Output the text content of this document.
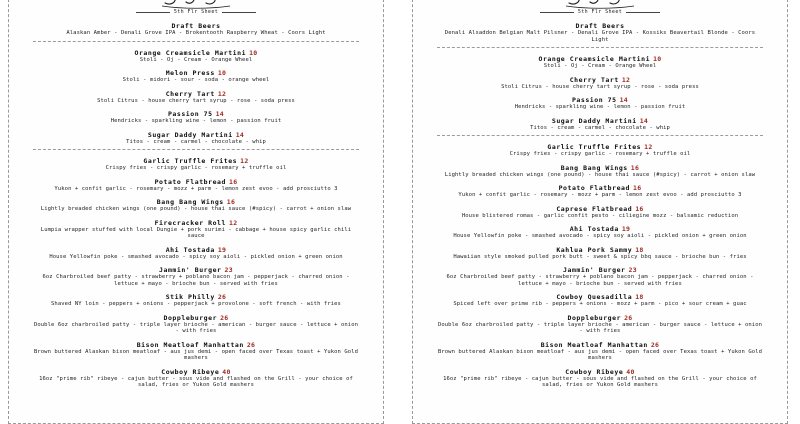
5th Flr Sheet
Draft Beers
Alaskan Amber - Denali Grove IPA - Brokentooth Raspberry Wheat - Coors Light
Orange Creamsicle Martini 10
Stoli - Oj - Cream - Orange Wheel
Melon Press 10
Stoli - midori - sour - soda - orange wheel
Cherry Tart 12
Stoli Citrus - house cherry tart syrup - rose - soda press
Passion 75 14
Hendricks - sparkling wine - lemon - passion fruit
Sugar Daddy Martini 14
Titos - cream - carmel - chocolate - whip
Garlic Truffle Frites 12
Crispy fries - crispy garlic - rosemary + truffle oil
Potato Flatbread 16
Yukon + confit garlic - rosemary - mozz + parm - lemon zest evoo - add prosciutto 3
Bang Bang Wings 16
Lightly breaded chicken wings (one pound) - house thai sauce (#spicy) - carrot + onion slaw
Firecracker Roll 12
Lumpia wrapper stuffed with local Dungie + pork surimi - cabbage + house spicy garlic chili sauce
Ahi Tostada 19
House Yellowfin poke - smashed avocado - spicy soy aioli - pickled onion + green onion
Jammin' Burger 23
6oz Charbroiled beef patty - strawberry + poblano bacon jam - pepperjack - charred onion - lettuce + mayo - brioche bun - served with fries
Stik Philly 26
Shaved NY loin - peppers + onions - pepperjack + provolone - soft french - with fries
Doppleburger 26
Double 6oz charbroiled patty - triple layer brioche - american - burger sauce - lettuce + onion - with fries
Bison Meatloaf Manhattan 26
Brown buttered Alaskan bison meatloaf - aus jus demi - open faced over Texas toast + Yukon Gold mashers
Cowboy Ribeye 40
16oz "prime rib" ribeye - cajun butter - sous vide and flashed on the Grill - your choice of salad, fries or Yukon Gold mashers
5th Flr Sheet
Draft Beers
Denali Alsaddon Belgian Malt Pilsner - Denali Grove IPA - Kossiks Beavertail Blonde - Coors Light
Orange Creamsicle Martini 10
Stoli - Oj - Cream - Orange Wheel
Cherry Tart 12
Stoli Citrus - house cherry tart syrup - rose - soda press
Passion 75 14
Hendricks - sparkling wine - lemon - passion fruit
Sugar Daddy Martini 14
Titos - cream - carmel - chocolate - whip
Garlic Truffle Frites 12
Crispy fries - crispy garlic - rosemary + truffle oil
Bang Bang Wings 16
Lightly breaded chicken wings (one pound) - house thai sauce (#spicy) - carrot + onion slaw
Potato Flatbread 16
Yukon + confit garlic - rosemary - mozz + parm - lemon zest evoo - add prosciutto 3
Caprese Flatbread 16
House blistered romas - garlic confit pesto - ciliegine mozz - balsamic reduction
Ahi Tostada 19
House Yellowfin poke - smashed avocado - spicy soy aioli - pickled onion + green onion
Kahlua Pork Sammy 18
Hawaiian style smoked pulled pork butt - sweet & spicy bbq sauce - brioche bun - fries
Jammin' Burger 23
6oz Charbroiled beef patty - strawberry + poblano bacon jam - pepperjack - charred onion - lettuce + mayo - brioche bun - served with fries
Cowboy Quesadilla 18
Spiced left over prime rib - peppers + onions - mozz + parm - pico + sour cream + guac
Doppleburger 26
Double 6oz charbroiled patty - triple layer brioche - american - burger sauce - lettuce + onion - with fries
Bison Meatloaf Manhattan 26
Brown buttered Alaskan bison meatloaf - aus jus demi - open faced over Texas toast + Yukon Gold mashers
Cowboy Ribeye 40
16oz "prime rib" ribeye - cajun butter - sous vide and flashed on the Grill - your choice of salad, fries or Yukon Gold mashers
